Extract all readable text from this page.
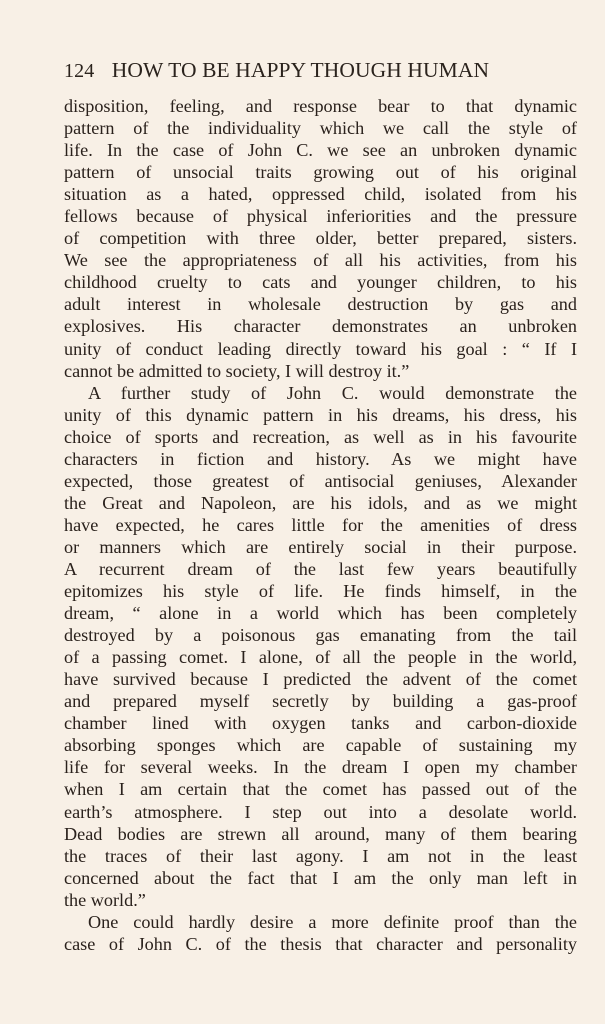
124 HOW TO BE HAPPY THOUGH HUMAN
disposition, feeling, and response bear to that dynamic
pattern of the individuality which we call the style of
life. In the case of John C. we see an unbroken dynamic
pattern of unsocial traits growing out of his original
situation as a hated, oppressed child, isolated from his
fellows because of physical inferiorities and the pressure
of competition with three older, better prepared, sisters.
We see the appropriateness of all his activities, from his
childhood cruelty to cats and younger children, to his
adult interest in wholesale destruction by gas and
explosives. His character demonstrates an unbroken
unity of conduct leading directly toward his goal : “ If I
cannot be admitted to society, I will destroy it.”
A further study of John C. would demonstrate the
unity of this dynamic pattern in his dreams, his dress, his
choice of sports and recreation, as well as in his favourite
characters in fiction and history. As we might have
expected, those greatest of antisocial geniuses, Alexander
the Great and Napoleon, are his idols, and as we might
have expected, he cares little for the amenities of dress
or manners which are entirely social in their purpose.
A recurrent dream of the last few years beautifully
epitomizes his style of life. He finds himself, in the
dream, “ alone in a world which has been completely
destroyed by a poisonous gas emanating from the tail
of a passing comet. I alone, of all the people in the world,
have survived because I predicted the advent of the comet
and prepared myself secretly by building a gas-proof
chamber lined with oxygen tanks and carbon-dioxide
absorbing sponges which are capable of sustaining my
life for several weeks. In the dream I open my chamber
when I am certain that the comet has passed out of the
earth’s atmosphere. I step out into a desolate world.
Dead bodies are strewn all around, many of them bearing
the traces of their last agony. I am not in the least
concerned about the fact that I am the only man left in
the world.”
One could hardly desire a more definite proof than the
case of John C. of the thesis that character and personality
